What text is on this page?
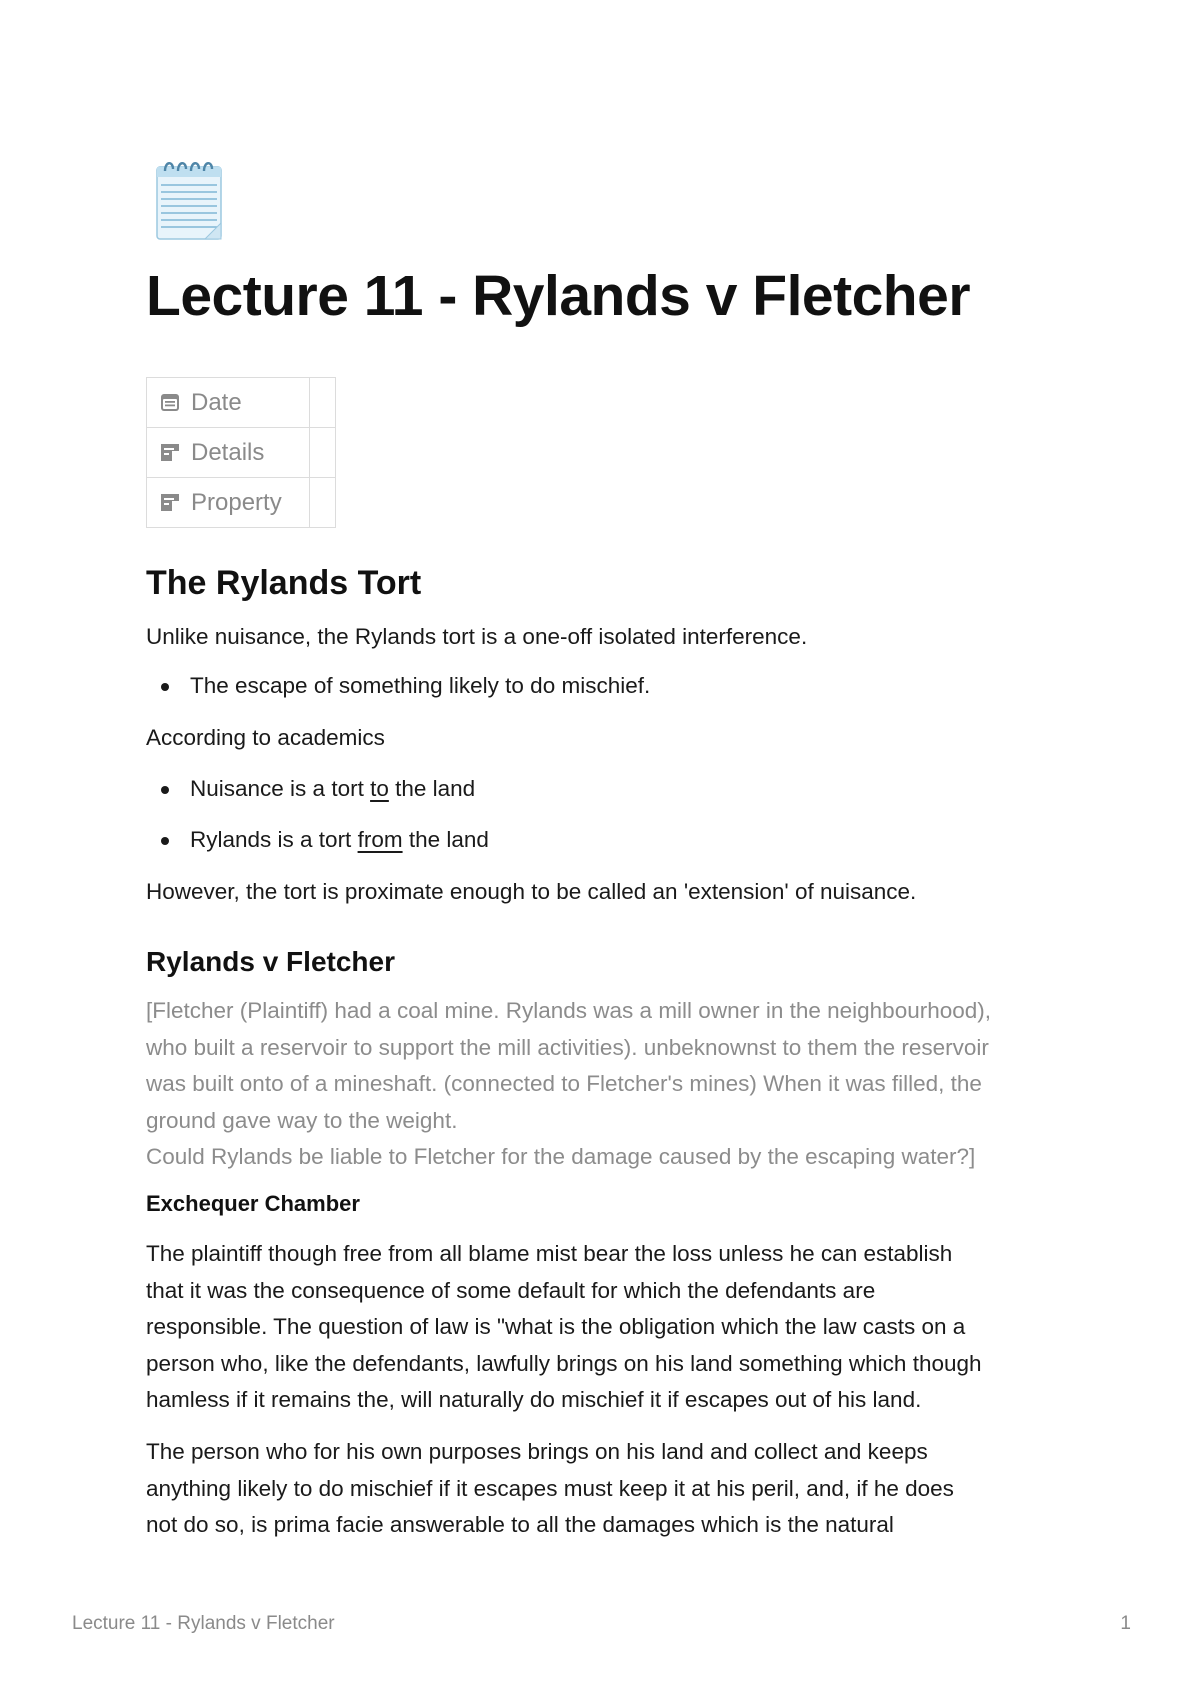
Lecture 11 - Rylands v Fletcher
Date	
Details	
Property	
The Rylands Tort

Unlike nuisance, the Rylands tort is a one-off isolated interference.

The escape of something likely to do mischief.

According to academics

Nuisance is a tort to the land
Rylands is a tort from the land

However, the tort is proximate enough to be called an 'extension' of nuisance.

Rylands v Fletcher
[Fletcher (Plaintiff) had a coal mine. Rylands was a mill owner in the neighbourhood),
who built a reservoir to support the mill activities). unbeknownst to them the reservoir
was built onto of a mineshaft. (connected to Fletcher's mines) When it was filled, the
ground gave way to the weight.
Could Rylands be liable to Fletcher for the damage caused by the escaping water?]
Exchequer Chamber
The plaintiff though free from all blame mist bear the loss unless he can establish
that it was the consequence of some default for which the defendants are
responsible. The question of law is "what is the obligation which the law casts on a
person who, like the defendants, lawfully brings on his land something which though
hamless if it remains the, will naturally do mischief it if escapes out of his land.
The person who for his own purposes brings on his land and collect and keeps
anything likely to do mischief if it escapes must keep it at his peril, and, if he does
not do so, is prima facie answerable to all the damages which is the natural
Lecture 11 - Rylands v Fletcher	1
